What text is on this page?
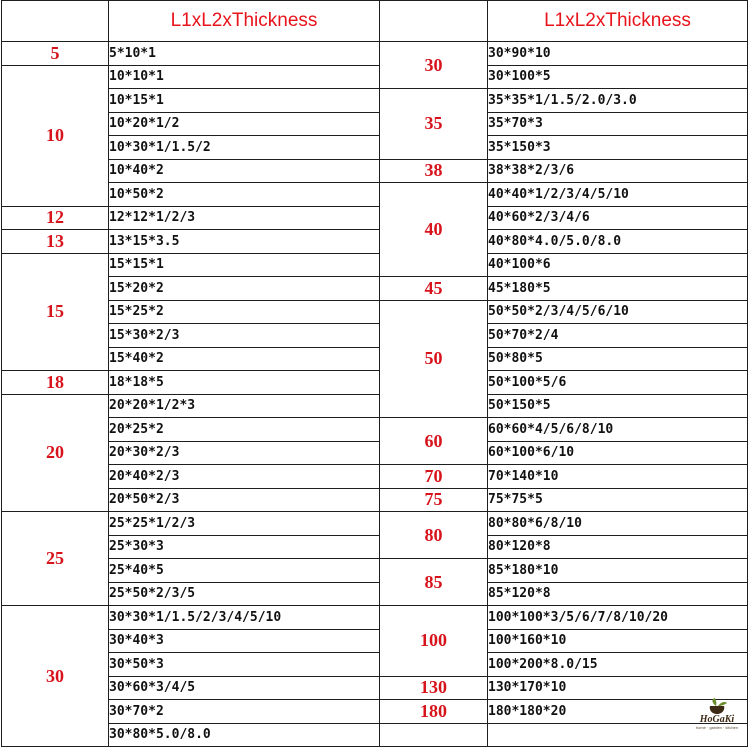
	L1xL2xThickness		L1xL2xThickness
5	5*10*1	30	30*90*10
10	10*10*1		30*100*5
	10*15*1	35	35*35*1/1.5/2.0/3.0
	10*20*1/2		35*70*3
	10*30*1/1.5/2		35*150*3
	10*40*2	38	38*38*2/3/6
	10*50*2	40	40*40*1/2/3/4/5/10
12	12*12*1/2/3		40*60*2/3/4/6
13	13*15*3.5		40*80*4.0/5.0/8.0
15	15*15*1		40*100*6
	15*20*2	45	45*180*5
	15*25*2	50	50*50*2/3/4/5/6/10
	15*30*2/3		50*70*2/4
	15*40*2		50*80*5
18	18*18*5		50*100*5/6
20	20*20*1/2*3		50*150*5
	20*25*2	60	60*60*4/5/6/8/10
	20*30*2/3		60*100*6/10
	20*40*2/3	70	70*140*10
	20*50*2/3	75	75*75*5
25	25*25*1/2/3	80	80*80*6/8/10
	25*30*3		80*120*8
	25*40*5	85	85*180*10
	25*50*2/3/5		85*120*8
30	30*30*1/1.5/2/3/4/5/10	100	100*100*3/5/6/7/8/10/20
	30*40*3		100*160*10
	30*50*3		100*200*8.0/15
	30*60*3/4/5	130	130*170*10
	30*70*2	180	180*180*20
	30*80*5.0/8.0		
HoGaKi
home · garden · kitchen
